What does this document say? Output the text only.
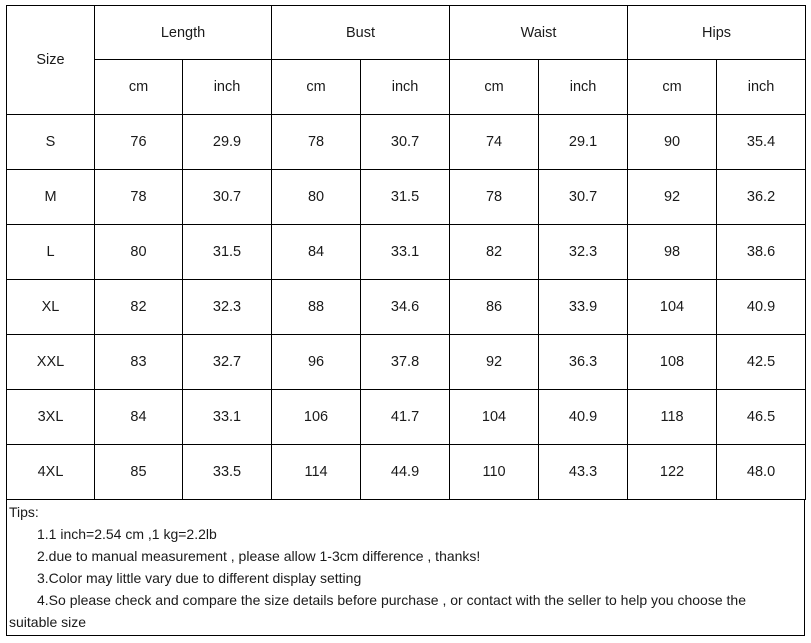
Size	Length		Bust		Waist		Hips	
	cm	inch	cm	inch	cm	inch	cm	inch
S	76	29.9	78	30.7	74	29.1	90	35.4
M	78	30.7	80	31.5	78	30.7	92	36.2
L	80	31.5	84	33.1	82	32.3	98	38.6
XL	82	32.3	88	34.6	86	33.9	104	40.9
XXL	83	32.7	96	37.8	92	36.3	108	42.5
3XL	84	33.1	106	41.7	104	40.9	118	46.5
4XL	85	33.5	114	44.9	110	43.3	122	48.0
Tips:
1.1 inch=2.54 cm ,1 kg=2.2lb
2.due to manual measurement , please allow 1-3cm difference , thanks!
3.Color may little vary due to different display setting
4.So please check and compare the size details before purchase , or contact with the seller to help you choose the
suitable size
